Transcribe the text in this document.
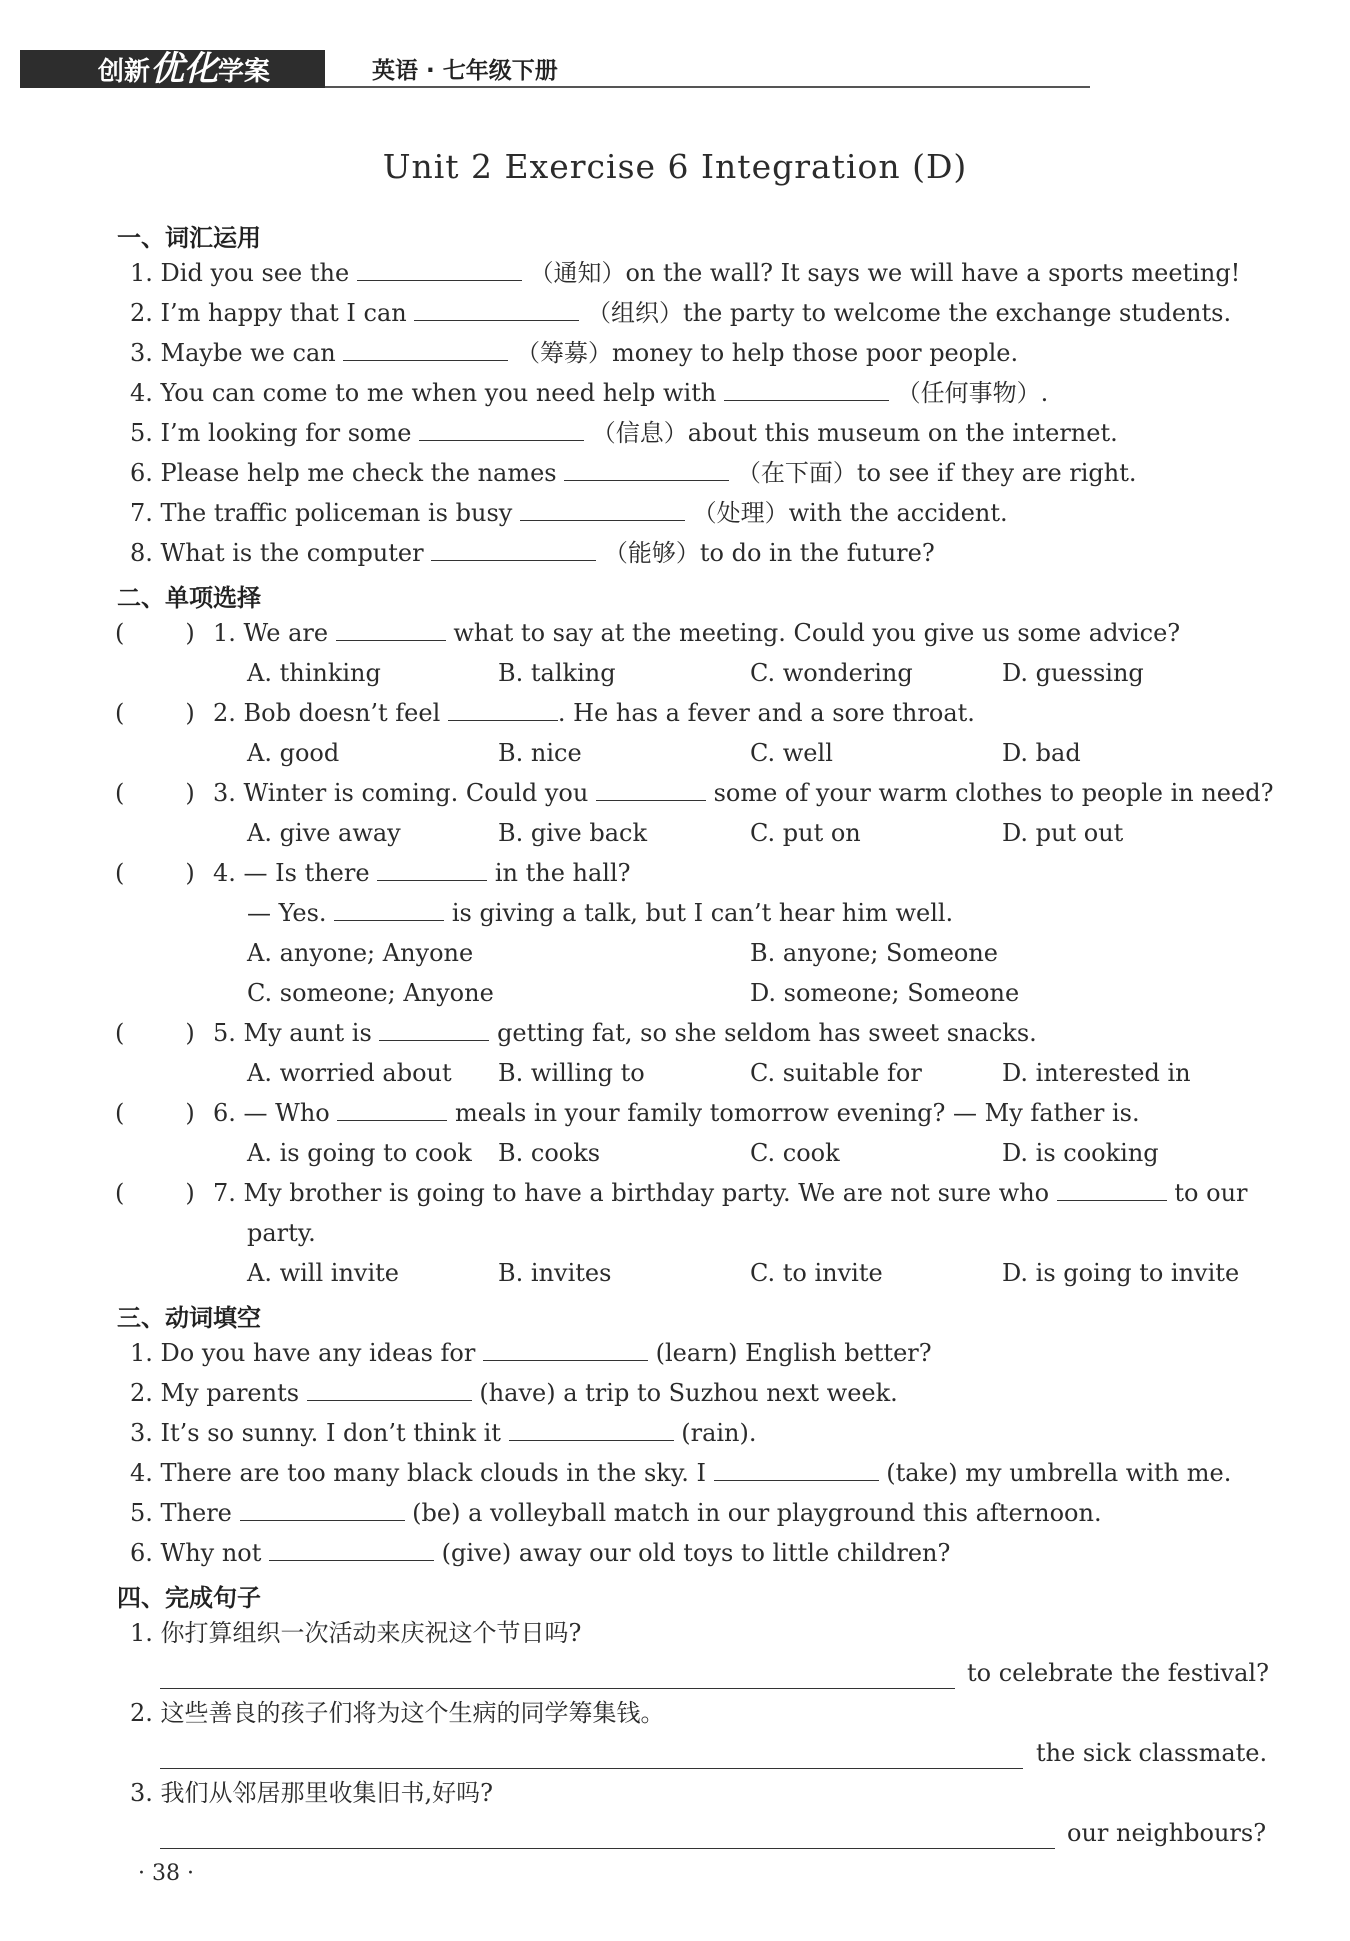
创新优化学案	英语 · 七年级下册
Unit 2 Exercise 6 Integration (D)
一、词汇运用
1. Did you see the	（通知）on the wall? It says we will have a sports meeting!
2. I’m happy that I can	（组织）the party to welcome the exchange students.
3. Maybe we can	（筹募）money to help those poor people.
4. You can come to me when you need help with	（任何事物）.
5. I’m looking for some	（信息）about this museum on the internet.
6. Please help me check the names	（在下面）to see if they are right.
7. The traffic policeman is busy	（处理）with the accident.
8. What is the computer	（能够）to do in the future?
二、单项选择
(        ) 1. We are	what to say at the meeting. Could you give us some advice?
A. thinking	B. talking	C. wondering	D. guessing
(        ) 2. Bob doesn’t feel	. He has a fever and a sore throat.
A. good	B. nice	C. well	D. bad
(        ) 3. Winter is coming. Could you	some of your warm clothes to people in need?
A. give away	B. give back	C. put on	D. put out
(        ) 4. — Is there	in the hall?
— Yes.	is giving a talk, but I can’t hear him well.
A. anyone; Anyone	B. anyone; Someone
C. someone; Anyone	D. someone; Someone
(        ) 5. My aunt is	getting fat, so she seldom has sweet snacks.
A. worried about B. willing to	C. suitable for	D. interested in
(        ) 6. — Who	meals in your family tomorrow evening? — My father is.
A. is going to cook B. cooks	C. cook	D. is cooking
(        ) 7. My brother is going to have a birthday party. We are not sure who	to our
party.
A. will invite	B. invites	C. to invite	D. is going to invite
三、动词填空
1. Do you have any ideas for	(learn) English better?
2. My parents	(have) a trip to Suzhou next week.
3. It’s so sunny. I don’t think it	(rain).
4. There are too many black clouds in the sky. I	(take) my umbrella with me.
5. There	(be) a volleyball match in our playground this afternoon.
6. Why not	(give) away our old toys to little children?
四、完成句子
1. 你打算组织一次活动来庆祝这个节日吗?
to celebrate the festival?
2. 这些善良的孩子们将为这个生病的同学筹集钱。
the sick classmate.
3. 我们从邻居那里收集旧书,好吗?
our neighbours?
· 38 ·
